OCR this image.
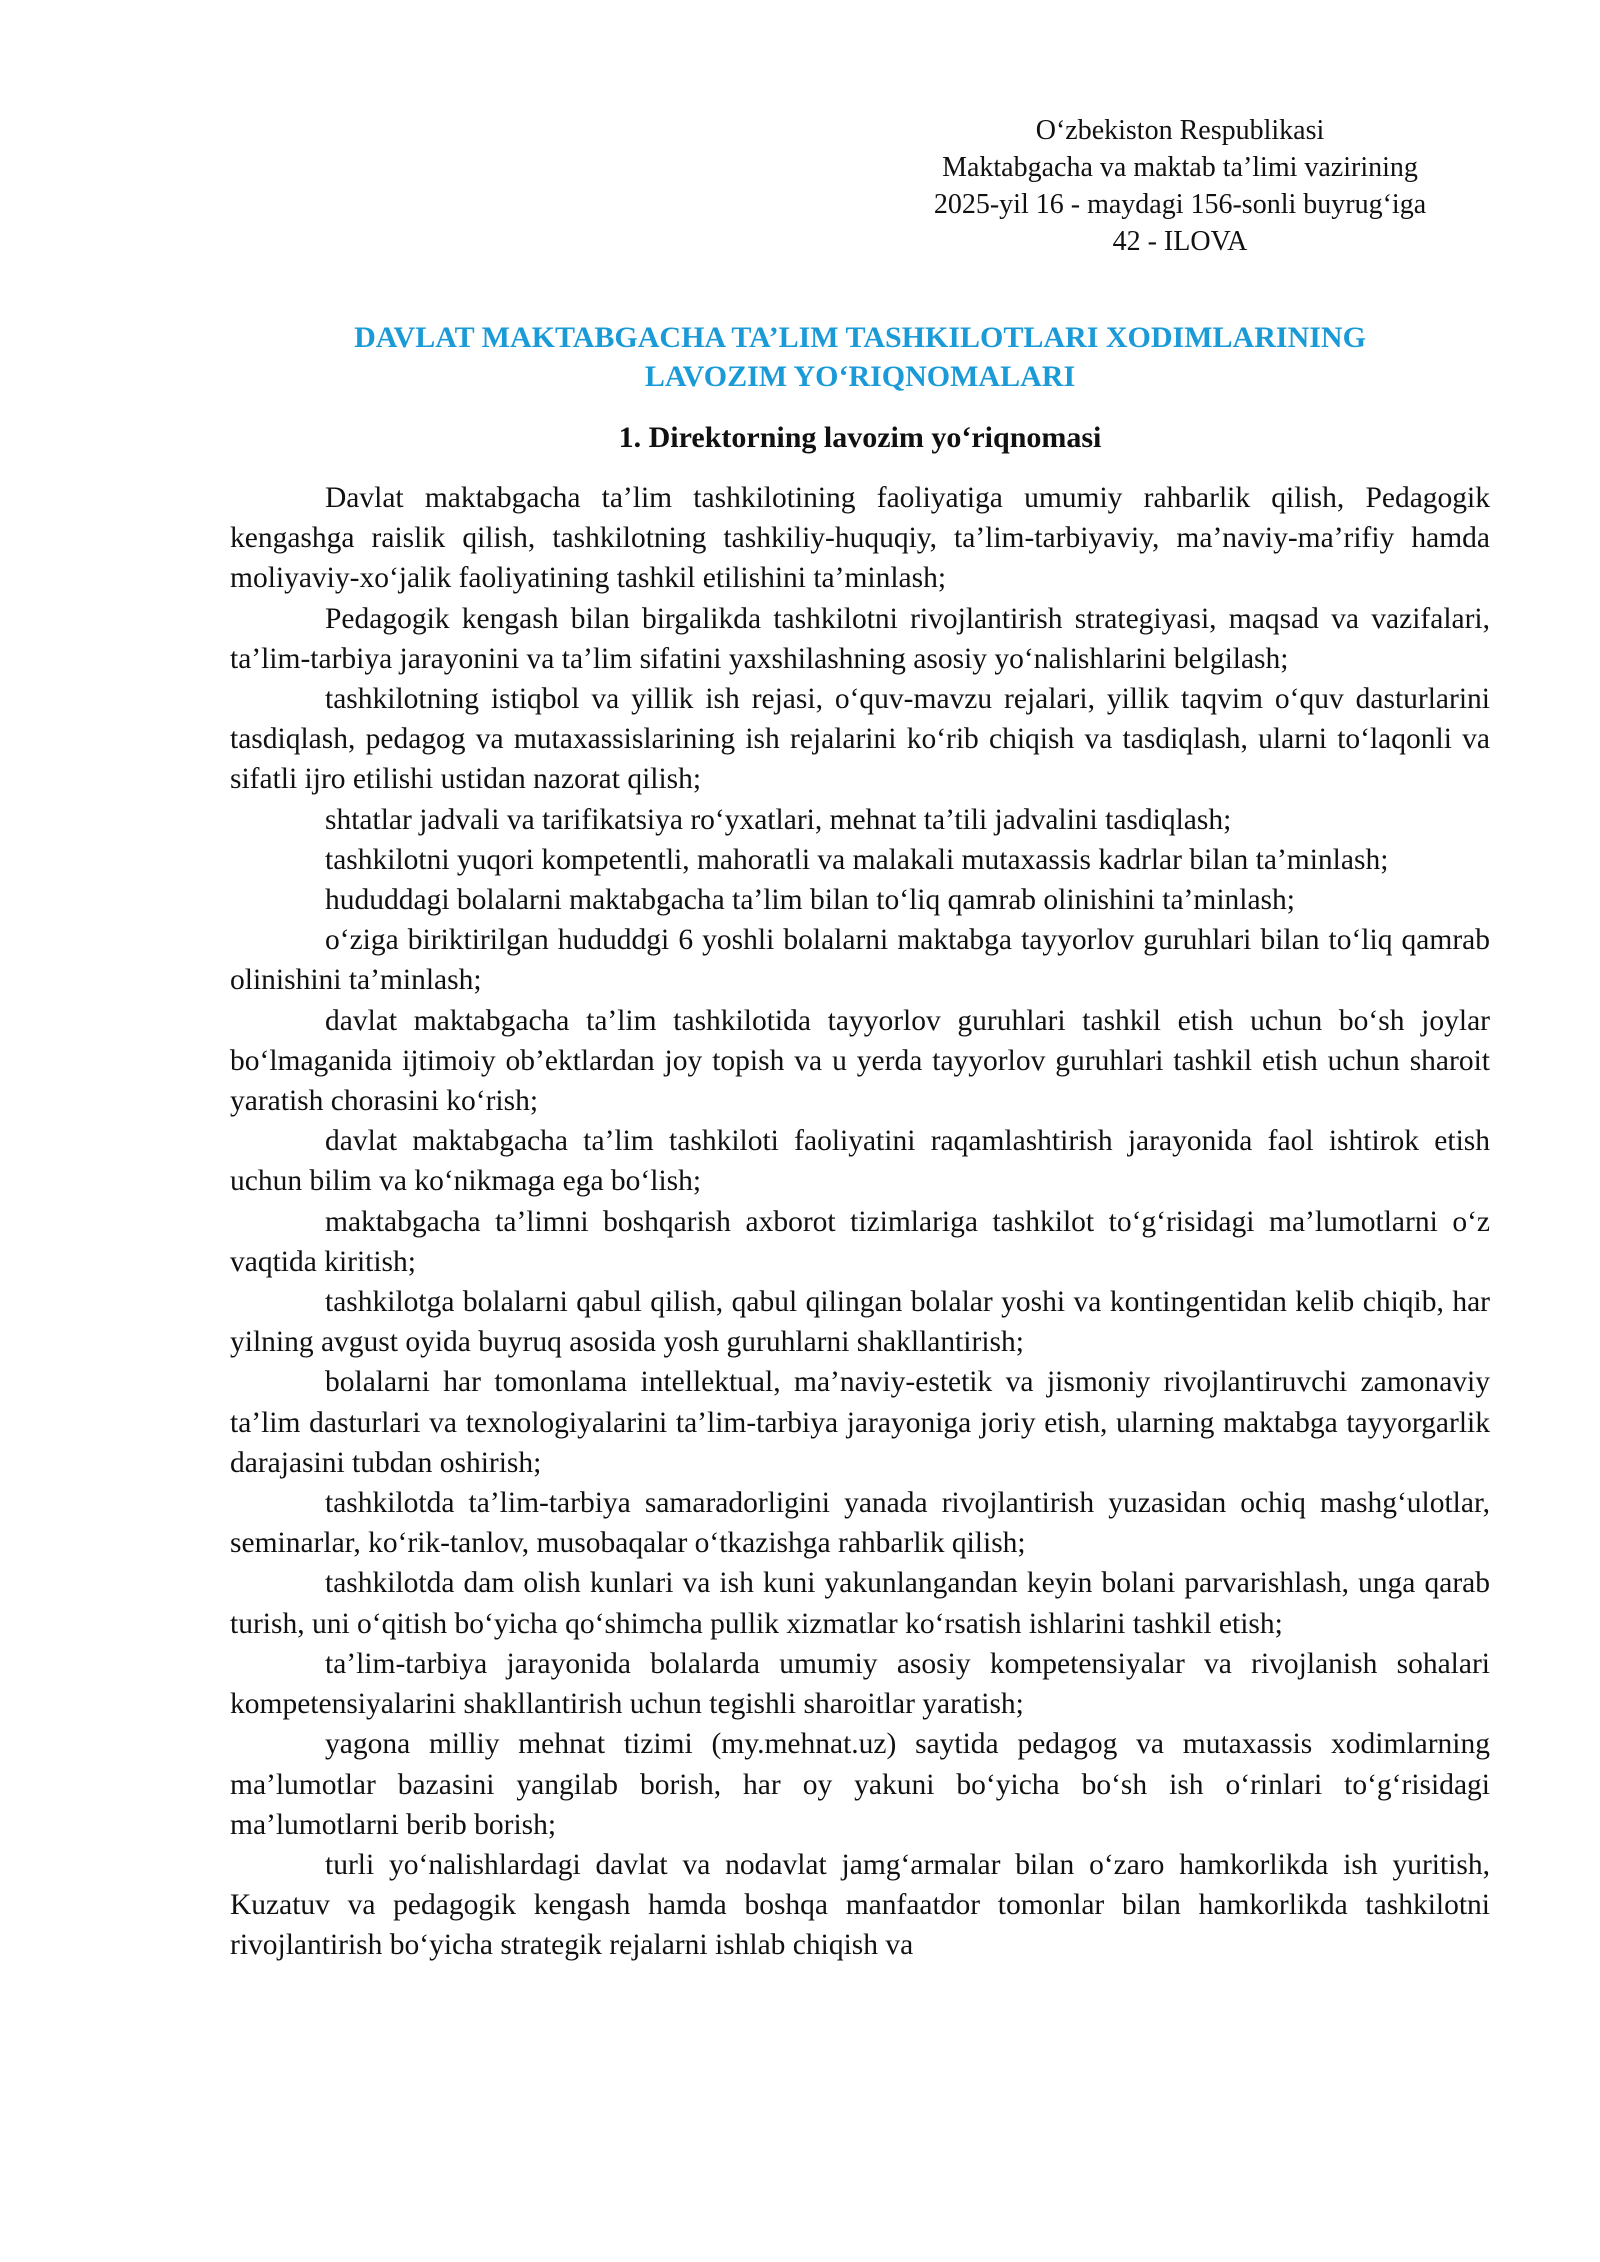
O‘zbekiston Respublikasi
Maktabgacha va maktab ta’limi vazirining
2025-yil 16 - maydagi 156-sonli buyrug‘iga
42 - ILOVA
DAVLAT MAKTABGACHA TA’LIM TASHKILOTLARI XODIMLARINING
LAVOZIM YO‘RIQNOMALARI
1. Direktorning lavozim yo‘riqnomasi

Davlat maktabgacha ta’lim tashkilotining faoliyatiga umumiy rahbarlik qilish, Pedagogik kengashga raislik qilish, tashkilotning tashkiliy-huquqiy, ta’lim-tarbiyaviy, ma’naviy-ma’rifiy hamda moliyaviy-xo‘jalik faoliyatining tashkil etilishini ta’minlash;

Pedagogik kengash bilan birgalikda tashkilotni rivojlantirish strategiyasi, maqsad va vazifalari, ta’lim-tarbiya jarayonini va ta’lim sifatini yaxshilashning asosiy yo‘nalishlarini belgilash;

tashkilotning istiqbol va yillik ish rejasi, o‘quv-mavzu rejalari, yillik taqvim o‘quv dasturlarini tasdiqlash, pedagog va mutaxassislarining ish rejalarini ko‘rib chiqish va tasdiqlash, ularni to‘laqonli va sifatli ijro etilishi ustidan nazorat qilish;

shtatlar jadvali va tarifikatsiya ro‘yxatlari, mehnat ta’tili jadvalini tasdiqlash;

tashkilotni yuqori kompetentli, mahoratli va malakali mutaxassis kadrlar bilan ta’minlash;

hududdagi bolalarni maktabgacha ta’lim bilan to‘liq qamrab olinishini ta’minlash;

o‘ziga biriktirilgan hududdgi 6 yoshli bolalarni maktabga tayyorlov guruhlari bilan to‘liq qamrab olinishini ta’minlash;

davlat maktabgacha ta’lim tashkilotida tayyorlov guruhlari tashkil etish uchun bo‘sh joylar bo‘lmaganida ijtimoiy ob’ektlardan joy topish va u yerda tayyorlov guruhlari tashkil etish uchun sharoit yaratish chorasini ko‘rish;

davlat maktabgacha ta’lim tashkiloti faoliyatini raqamlashtirish jarayonida faol ishtirok etish uchun bilim va ko‘nikmaga ega bo‘lish;

maktabgacha ta’limni boshqarish axborot tizimlariga tashkilot to‘g‘risidagi ma’lumotlarni o‘z vaqtida kiritish;

tashkilotga bolalarni qabul qilish, qabul qilingan bolalar yoshi va kontingentidan kelib chiqib, har yilning avgust oyida buyruq asosida yosh guruhlarni shakllantirish;

bolalarni har tomonlama intellektual, ma’naviy-estetik va jismoniy rivojlantiruvchi zamonaviy ta’lim dasturlari va texnologiyalarini ta’lim-tarbiya jarayoniga joriy etish, ularning maktabga tayyorgarlik darajasini tubdan oshirish;

tashkilotda ta’lim-tarbiya samaradorligini yanada rivojlantirish yuzasidan ochiq mashg‘ulotlar, seminarlar, ko‘rik-tanlov, musobaqalar o‘tkazishga rahbarlik qilish;

tashkilotda dam olish kunlari va ish kuni yakunlangandan keyin bolani parvarishlash, unga qarab turish, uni o‘qitish bo‘yicha qo‘shimcha pullik xizmatlar ko‘rsatish ishlarini tashkil etish;

ta’lim-tarbiya jarayonida bolalarda umumiy asosiy kompetensiyalar va rivojlanish sohalari kompetensiyalarini shakllantirish uchun tegishli sharoitlar yaratish;

yagona milliy mehnat tizimi (my.mehnat.uz) saytida pedagog va mutaxassis xodimlarning ma’lumotlar bazasini yangilab borish, har oy yakuni bo‘yicha bo‘sh ish o‘rinlari to‘g‘risidagi ma’lumotlarni berib borish;

turli yo‘nalishlardagi davlat va nodavlat jamg‘armalar bilan o‘zaro hamkorlikda ish yuritish, Kuzatuv va pedagogik kengash hamda boshqa manfaatdor tomonlar bilan hamkorlikda tashkilotni rivojlantirish bo‘yicha strategik rejalarni ishlab chiqish va
